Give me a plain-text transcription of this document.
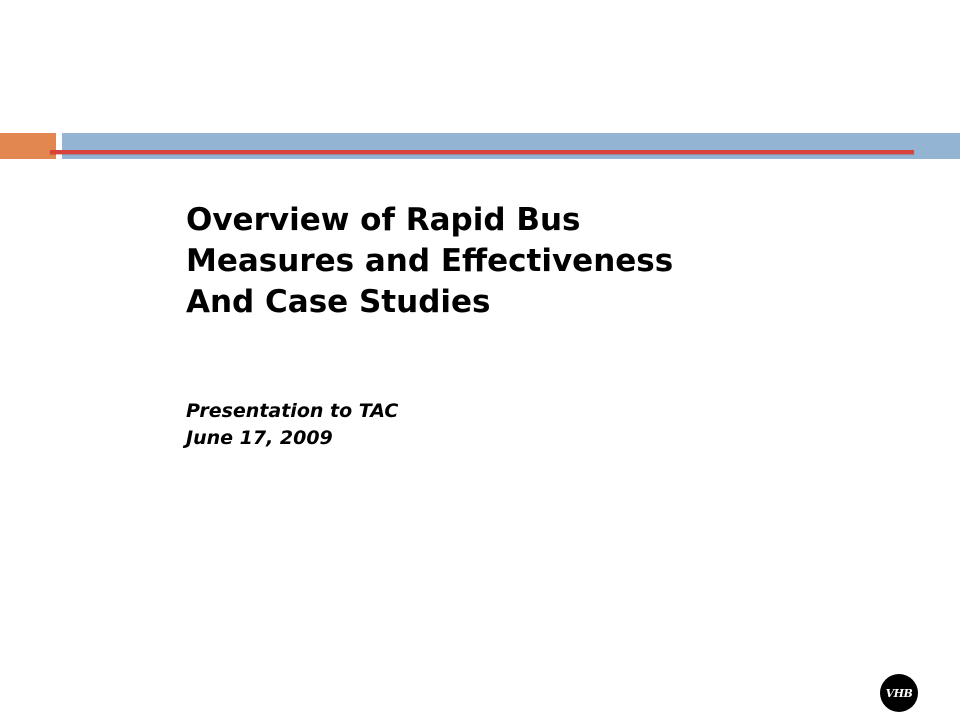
Overview of Rapid Bus
Measures and Effectiveness
And Case Studies
Presentation to TAC
June 17, 2009
VHB
